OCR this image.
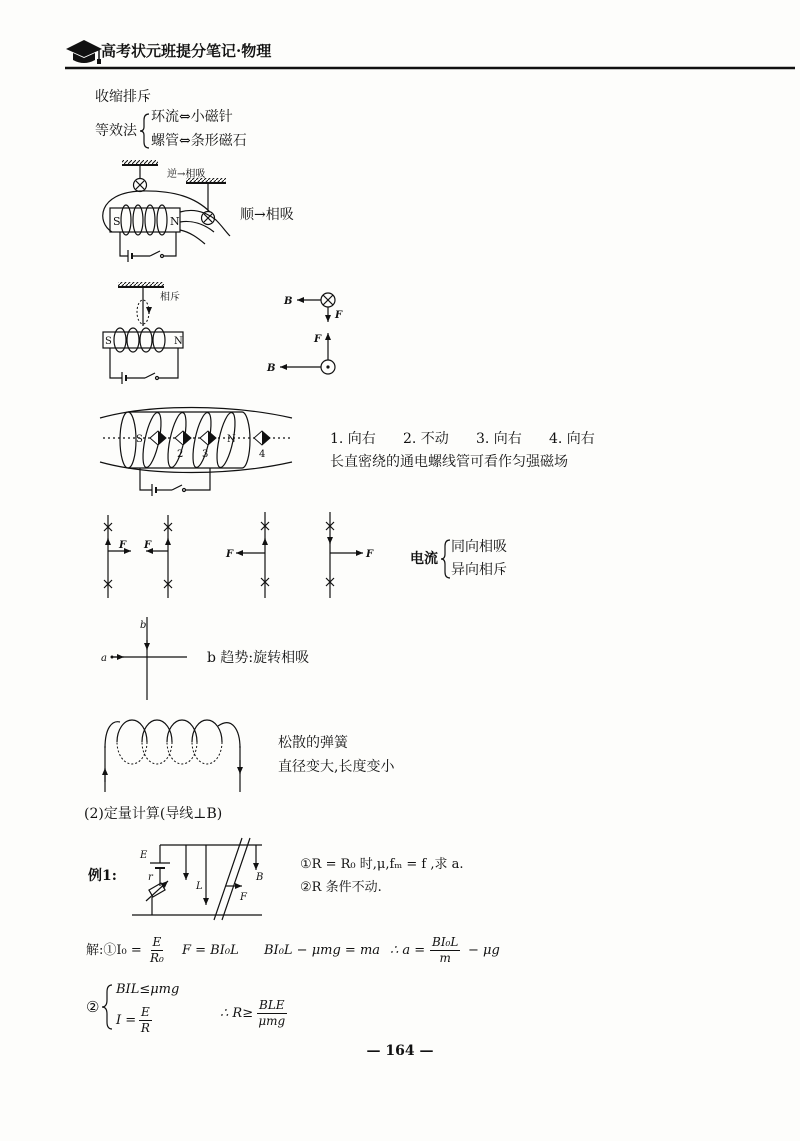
逆→相吸
S	N
相斥
S	N
B
F
F
B
S	N
2 3	4
F F
F	F
a
b
E
r
L
B
F
高考状元班提分笔记·物理
收缩排斥
等效法
环流⇔小磁针
螺管⇔条形磁石
顺→相吸
1. 向右 2. 不动 3. 向右 4. 向右
长直密绕的通电螺线管可看作匀强磁场
电流
同向相吸
异向相斥
b 趋势:旋转相吸
松散的弹簧
直径变大,长度变小
(2)定量计算(导线⊥B)
例1:
①R = R₀ 时,μ,fₘ = f ,求 a.
②R 条件不动.
解:①I₀ = $\frac{E}{\text{R₀}}$ F = BI₀L BI₀L − μmg = ma ∴ $a = \frac{\text{BI₀L}}{m} - \mu g$
②
BIL≤μmg
$I = \frac{E}{R}$	∴ R≥
BLE
μmg
— 164 —
